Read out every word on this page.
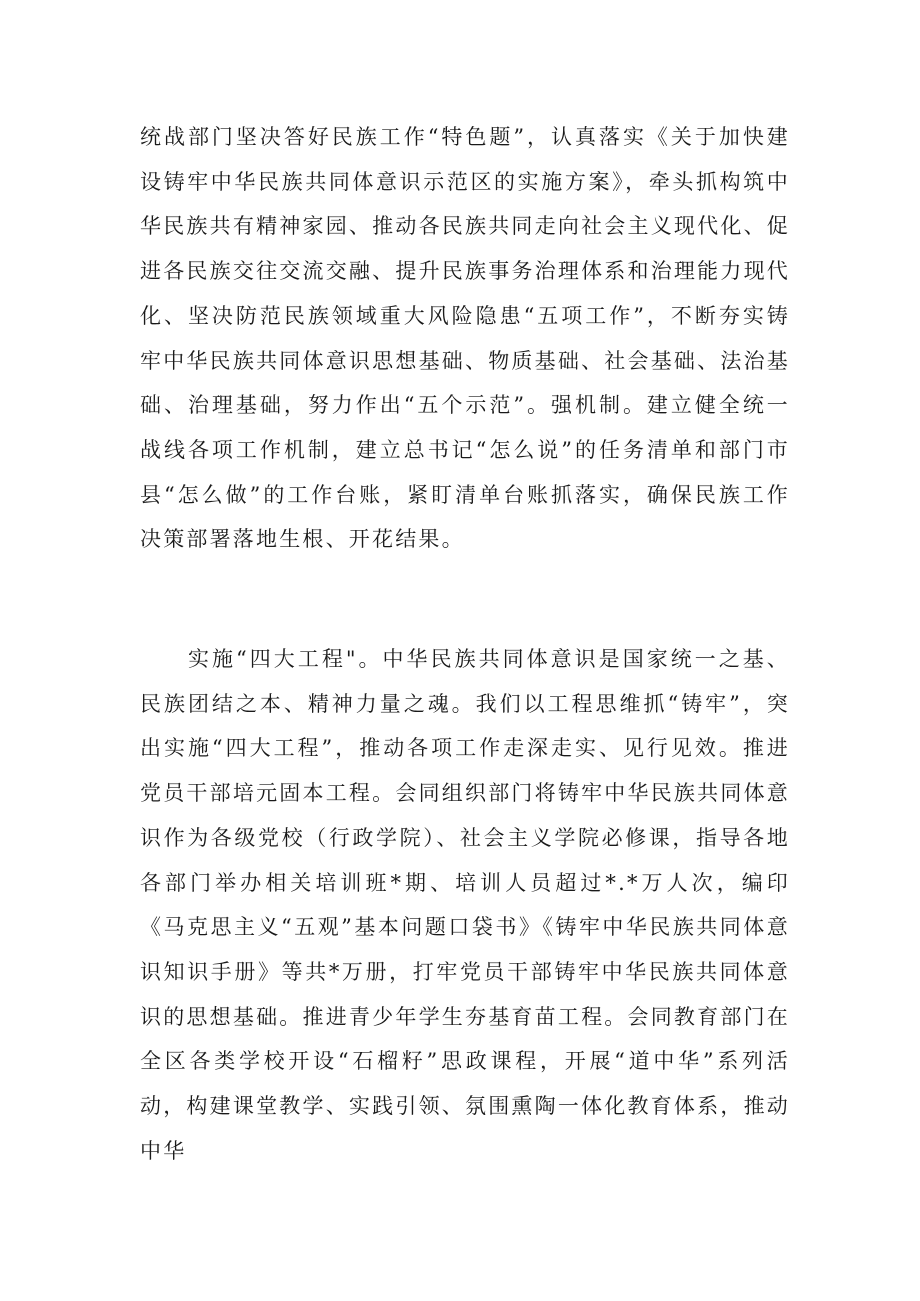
统战部门坚决答好民族工作“特色题”，认真落实《关于加快建设铸牢中华民族共同体意识示范区的实施方案》，牵头抓构筑中华民族共有精神家园、推动各民族共同走向社会主义现代化、促进各民族交往交流交融、提升民族事务治理体系和治理能力现代化、坚决防范民族领域重大风险隐患“五项工作”，不断夯实铸牢中华民族共同体意识思想基础、物质基础、社会基础、法治基础、治理基础，努力作出“五个示范”。强机制。建立健全统一战线各项工作机制，建立总书记“怎么说”的任务清单和部门市县“怎么做”的工作台账，紧盯清单台账抓落实，确保民族工作决策部署落地生根、开花结果。

实施“四大工程"。中华民族共同体意识是国家统一之基、民族团结之本、精神力量之魂。我们以工程思维抓“铸牢”，突出实施“四大工程”，推动各项工作走深走实、见行见效。推进党员干部培元固本工程。会同组织部门将铸牢中华民族共同体意识作为各级党校（行政学院）、社会主义学院必修课，指导各地各部门举办相关培训班*期、培训人员超过*.*万人次，编印《马克思主义“五观”基本问题口袋书》《铸牢中华民族共同体意识知识手册》等共*万册，打牢党员干部铸牢中华民族共同体意识的思想基础。推进青少年学生夯基育苗工程。会同教育部门在全区各类学校开设“石榴籽”思政课程，开展“道中华”系列活动，构建课堂教学、实践引领、氛围熏陶一体化教育体系，推动中华
